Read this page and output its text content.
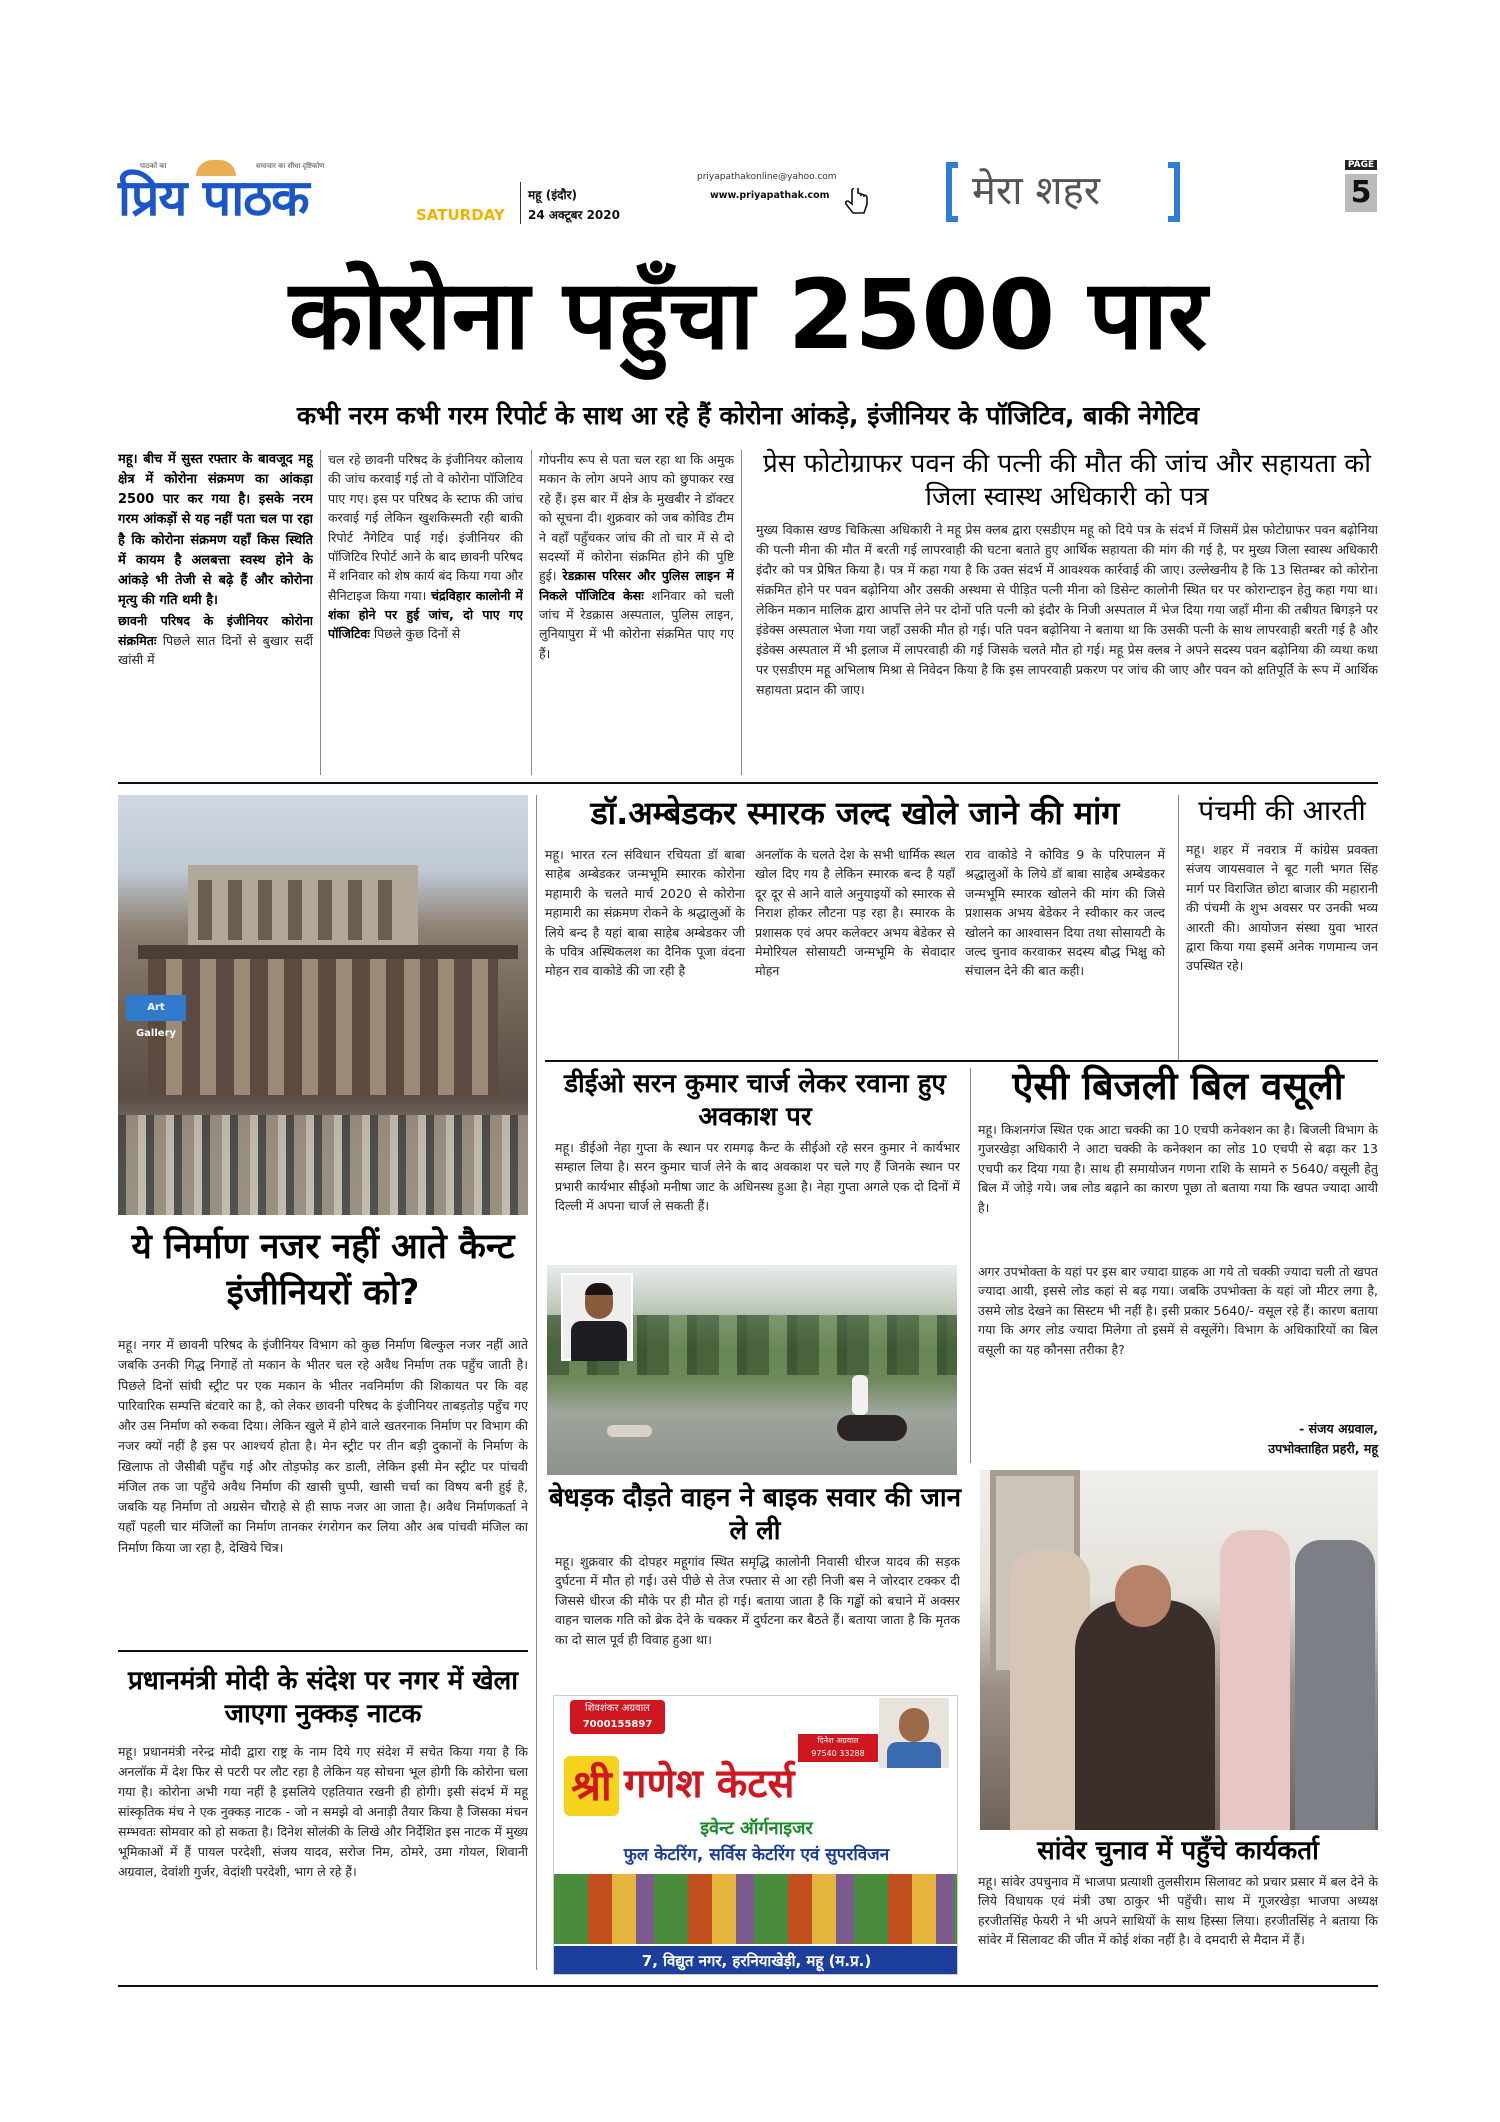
पाठकों का
प्रिय पाठक
समाचार का सीधा दृष्टिकोण
SATURDAY
महू (इंदौर)
24 अक्टूबर 2020
priyapathakonline@yahoo.com
www.priyapathak.com	मेरा शहर
PAGE
5
कोरोना पहुँचा 2500 पार
कभी नरम कभी गरम रिपोर्ट के साथ आ रहे हैं कोरोना आंकड़े, इंजीनियर के पॉजिटिव, बाकी नेगेटिव
महू। बीच में सुस्त रफ्तार के बावजूद महू क्षेत्र में कोरोना संक्रमण का आंकड़ा 2500 पार कर गया है। इसके नरम गरम आंकड़ों से यह नहीं पता चल पा रहा है कि कोरोना संक्रमण यहाँ किस स्थिति में कायम है अलबत्ता स्वस्थ होने के आंकड़े भी तेजी से बढ़े हैं और कोरोना मृत्यु की गति थमी है।
छावनी परिषद के इंजीनियर कोरोना संक्रमितः पिछले सात दिनों से बुखार सर्दी खांसी में
चल रहे छावनी परिषद के इंजीनियर कोलाय की जांच करवाई गई तो वे कोरोना पॉजिटिव पाए गए। इस पर परिषद के स्टाफ की जांच करवाई गई लेकिन खुशकिस्मती रही बाकी रिपोर्ट नैगेटिव पाई गई। इंजीनियर की पॉजिटिव रिपोर्ट आने के बाद छावनी परिषद में शनिवार को शेष कार्य बंद किया गया और सैनिटाइज किया गया। चंद्रविहार कालोनी में शंका होने पर हुई जांच, दो पाए गए पॉजिटिवः पिछले कुछ दिनों से
गोपनीय रूप से पता चल रहा था कि अमुक मकान के लोग अपने आप को छुपाकर रख रहे हैं। इस बार में क्षेत्र के मुखबीर ने डॉक्टर को सूचना दी। शुक्रवार को जब कोविड टीम ने वहाँ पहुँचकर जांच की तो चार में से दो सदस्यों में कोरोना संक्रमित होने की पुष्टि हुई। रेडक्रास परिसर और पुलिस लाइन में निकले पॉजिटिव केसः शनिवार को चली जांच में रेडक्रास अस्पताल, पुलिस लाइन, लुनियापुरा में भी कोरोना संक्रमित पाए गए हैं।
प्रेस फोटोग्राफर पवन की पत्नी की मौत की जांच और सहायता को जिला स्वास्थ अधिकारी को पत्र
मुख्य विकास खण्ड चिकित्सा अधिकारी ने महू प्रेस क्लब द्वारा एसडीएम महू को दिये पत्र के संदर्भ में जिसमें प्रेस फोटोग्राफर पवन बढ़ोनिया की पत्नी मीना की मौत में बरती गई लापरवाही की घटना बताते हुए आर्थिक सहायता की मांग की गई है, पर मुख्य जिला स्वास्थ अधिकारी इंदौर को पत्र प्रेषित किया है। पत्र में कहा गया है कि उक्त संदर्भ में आवश्यक कार्रवाई की जाए। उल्लेखनीय है कि 13 सितम्बर को कोरोना संक्रमित होने पर पवन बढ़ोनिया और उसकी अस्थमा से पीड़ित पत्नी मीना को डिसेन्ट कालोनी स्थित घर पर कोरान्टाइन हेतु कहा गया था। लेकिन मकान मालिक द्वारा आपत्ति लेने पर दोनों पति पत्नी को इंदौर के निजी अस्पताल में भेज दिया गया जहाँ मीना की तबीयत बिगड़ने पर इंडेक्स अस्पताल भेजा गया जहाँ उसकी मौत हो गई। पति पवन बढ़ोनिया ने बताया था कि उसकी पत्नी के साथ लापरवाही बरती गई है और इंडेक्स अस्पताल में भी इलाज में लापरवाही की गई जिसके चलते मौत हो गई। महू प्रेस क्लब ने अपने सदस्य पवन बढ़ोनिया की व्यथा कथा पर एसडीएम महू अभिलाष मिश्रा से निवेदन किया है कि इस लापरवाही प्रकरण पर जांच की जाए और पवन को क्षतिपूर्ति के रूप में आर्थिक सहायता प्रदान की जाए।
Art Gallery
ये निर्माण नजर नहीं आते कैन्ट इंजीनियरों को?
महू। नगर में छावनी परिषद के इंजीनियर विभाग को कुछ निर्माण बिल्कुल नजर नहीं आते जबकि उनकी गिद्ध निगाहें तो मकान के भीतर चल रहे अवैध निर्माण तक पहुँच जाती है। पिछले दिनों सांघी स्ट्रीट पर एक मकान के भीतर नवनिर्माण की शिकायत पर कि वह पारिवारिक सम्पत्ति बंटवारे का है, को लेकर छावनी परिषद के इंजीनियर ताबड़तोड़ पहुँच गए और उस निर्माण को रुकवा दिया। लेकिन खुले में होने वाले खतरनाक निर्माण पर विभाग की नजर क्यों नहीं है इस पर आश्चर्य होता है। मेन स्ट्रीट पर तीन बड़ी दुकानों के निर्माण के खिलाफ तो जैसीबी पहुँच गई और तोड़फोड़ कर डाली, लेकिन इसी मेन स्ट्रीट पर पांचवी मंजिल तक जा पहुँचे अवैध निर्माण की खासी चुप्पी, खासी चर्चा का विषय बनी हुई है, जबकि यह निर्माण तो अग्रसेन चौराहे से ही साफ नजर आ जाता है। अवैध निर्माणकर्ता ने यहाँ पहली चार मंजिलों का निर्माण तानकर रंगरोगन कर लिया और अब पांचवी मंजिल का निर्माण किया जा रहा है, देखिये चित्र।
प्रधानमंत्री मोदी के संदेश पर नगर में खेला जाएगा नुक्कड़ नाटक
महू। प्रधानमंत्री नरेन्द्र मोदी द्वारा राष्ट्र के नाम दिये गए संदेश में सचेत किया गया है कि अनलॉक में देश फिर से पटरी पर लौट रहा है लेकिन यह सोचना भूल होगी कि कोरोना चला गया है। कोरोना अभी गया नहीं है इसलिये एहतियात रखनी ही होगी। इसी संदर्भ में महू सांस्कृतिक मंच ने एक नुक्कड़ नाटक - जो न समझे वो अनाड़ी तैयार किया है जिसका मंचन सम्भवतः सोमवार को हो सकता है। दिनेश सोलंकी के लिखे और निर्देशित इस नाटक में मुख्य भूमिकाओं में हैं पायल परदेशी, संजय यादव, सरोज निम, ठोमरे, उमा गोयल, शिवानी अग्रवाल, देवांशी गुर्जर, वेदांशी परदेशी, भाग ले रहे हैं।
डॉ.अम्बेडकर स्मारक जल्द खोले जाने की मांग
महू। भारत रत्न संविधान रचियता डॉ बाबा साहेब अम्बेडकर जन्मभूमि स्मारक कोरोना महामारी के चलते मार्च 2020 से कोरोना महामारी का संक्रमण रोकने के श्रद्धालुओं के लिये बन्द है यहां बाबा साहेब अम्बेडकर जी के पवित्र अस्थिकलश का दैनिक पूजा वंदना मोहन राव वाकोडे की जा रही है
अनलॉक के चलते देश के सभी धार्मिक स्थल खोल दिए गय है लेकिन स्मारक बन्द है यहाँ दूर दूर से आने वाले अनुयाइयों को स्मारक से निराश होकर लौटना पड़ रहा है। स्मारक के प्रशासक एवं अपर कलेक्टर अभय बेडेकर से मेमोरियल सोसायटी जन्मभूमि के सेवादार मोहन
राव वाकोडे ने कोविड 9 के परिपालन में श्रद्धालुओं के लिये डॉ बाबा साहेब अम्बेडकर जन्मभूमि स्मारक खोलने की मांग की जिसे प्रशासक अभय बेडेकर ने स्वीकार कर जल्द खोलने का आश्वासन दिया तथा सोसायटी के जल्द चुनाव करवाकर सदस्य बौद्ध भिक्षु को संचालन देने की बात कही।
पंचमी की आरती
महू। शहर में नवरात्र में कांग्रेस प्रवक्ता संजय जायसवाल ने बूट गली भगत सिंह मार्ग पर विराजित छोटा बाजार की महारानी की पंचमी के शुभ अवसर पर उनकी भव्य आरती की। आयोजन संस्था युवा भारत द्वारा किया गया इसमें अनेक गणमान्य जन उपस्थित रहे।
डीईओ सरन कुमार चार्ज लेकर रवाना हुए अवकाश पर
महू। डीईओ नेहा गुप्ता के स्थान पर रामगढ़ कैन्ट के सीईओ रहे सरन कुमार ने कार्यभार सम्हाल लिया है। सरन कुमार चार्ज लेने के बाद अवकाश पर चले गए हैं जिनके स्थान पर प्रभारी कार्यभार सीईओ मनीषा जाट के अधिनस्थ हुआ है। नेहा गुप्ता अगले एक दो दिनों में दिल्ली में अपना चार्ज ले सकती हैं।
ऐसी बिजली बिल वसूली
महू। किशनगंज स्थित एक आटा चक्की का 10 एचपी कनेक्शन का है। बिजली विभाग के गुजरखेड़ा अधिकारी ने आटा चक्की के कनेक्शन का लोड 10 एचपी से बढ़ा कर 13 एचपी कर दिया गया है। साथ ही समायोजन गणना राशि के सामने रु 5640/ वसूली हेतु बिल में जोड़े गये। जब लोड बढ़ाने का कारण पूछा तो बताया गया कि खपत ज्यादा आयी है।
अगर उपभोक्ता के यहां पर इस बार ज्यादा ग्राहक आ गये तो चक्की ज्यादा चली तो खपत ज्यादा आयी, इससे लोड कहां से बढ़ गया। जबकि उपभोक्ता के यहां जो मीटर लगा है, उसमे लोड देखने का सिस्टम भी नहीं है। इसी प्रकार 5640/- वसूल रहे हैं। कारण बताया गया कि अगर लोड ज्यादा मिलेगा तो इसमें से वसूलेंगे। विभाग के अधिकारियों का बिल वसूली का यह कौनसा तरीका है?
- संजय अग्रवाल,
उपभोक्ताहित प्रहरी, महू
बेधड़क दौड़ते वाहन ने बाइक सवार की जान ले ली
महू। शुक्रवार की दोपहर महूगांव स्थित समृद्धि कालोनी निवासी धीरज यादव की सड़क दुर्घटना में मौत हो गई। उसे पीछे से तेज रफ्तार से आ रही निजी बस ने जोरदार टक्कर दी जिससे धीरज की मौके पर ही मौत हो गई। बताया जाता है कि गड्ढों को बचाने में अक्सर वाहन चालक गति को ब्रेक देने के चक्कर में दुर्घटना कर बैठते हैं। बताया जाता है कि मृतक का दो साल पूर्व ही विवाह हुआ था।
सांवेर चुनाव में पहुँचे कार्यकर्ता
महू। सांवेर उपचुनाव में भाजपा प्रत्याशी तुलसीराम सिलावट को प्रचार प्रसार में बल देने के लिये विधायक एवं मंत्री उषा ठाकुर भी पहुँची। साथ में गूजरखेड़ा भाजपा अध्यक्ष हरजीतसिंह फेयरी ने भी अपने साथियों के साथ हिस्सा लिया। हरजीतसिंह ने बताया कि सांवेर में सिलावट की जीत में कोई शंका नहीं है। वे दमदारी से मैदान में हैं।
शिवशंकर अग्रवाल
7000155897
दिनेश अग्रवाल
97540 33288
श्री गणेश केटर्स
इवेन्ट ऑर्गनाइजर
फुल केटरिंग, सर्विस केटरिंग एवं सुपरविजन
7, विद्युत नगर, हरनियाखेड़ी, महू (म.प्र.)
